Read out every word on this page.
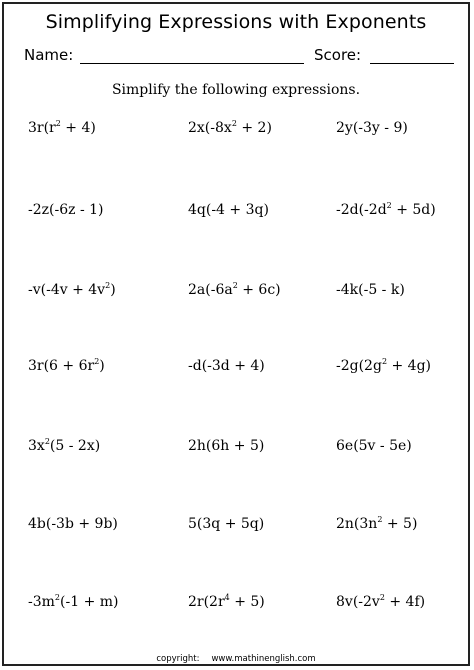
Simplifying Expressions with Exponents
Name:	Score:
Simplify the following expressions.
$3r(r^2 + 4)$	$2x(-8x^2 + 2)$	2y(-3y - 9)
-2z(-6z - 1)	4q(-4 + 3q)	$-2d(-2d^2 + 5d)$
$-v(-4v + 4v^2)$	$2a(-6a^2 + 6c)$	-4k(-5 - k)
$3r(6 + 6r^2)$	-d(-3d + 4)	$-2g(2g^2 + 4g)$
$3x^2(5 - 2x)$	2h(6h + 5)	6e(5v - 5e)
4b(-3b + 9b)	5(3q + 5q)	$2n(3n^2 + 5)$
$-3m^2(-1 + m)$	$2r(2r^4 + 5)$	$8v(-2v^2 + 4f)$
copyright: www.mathinenglish.com
